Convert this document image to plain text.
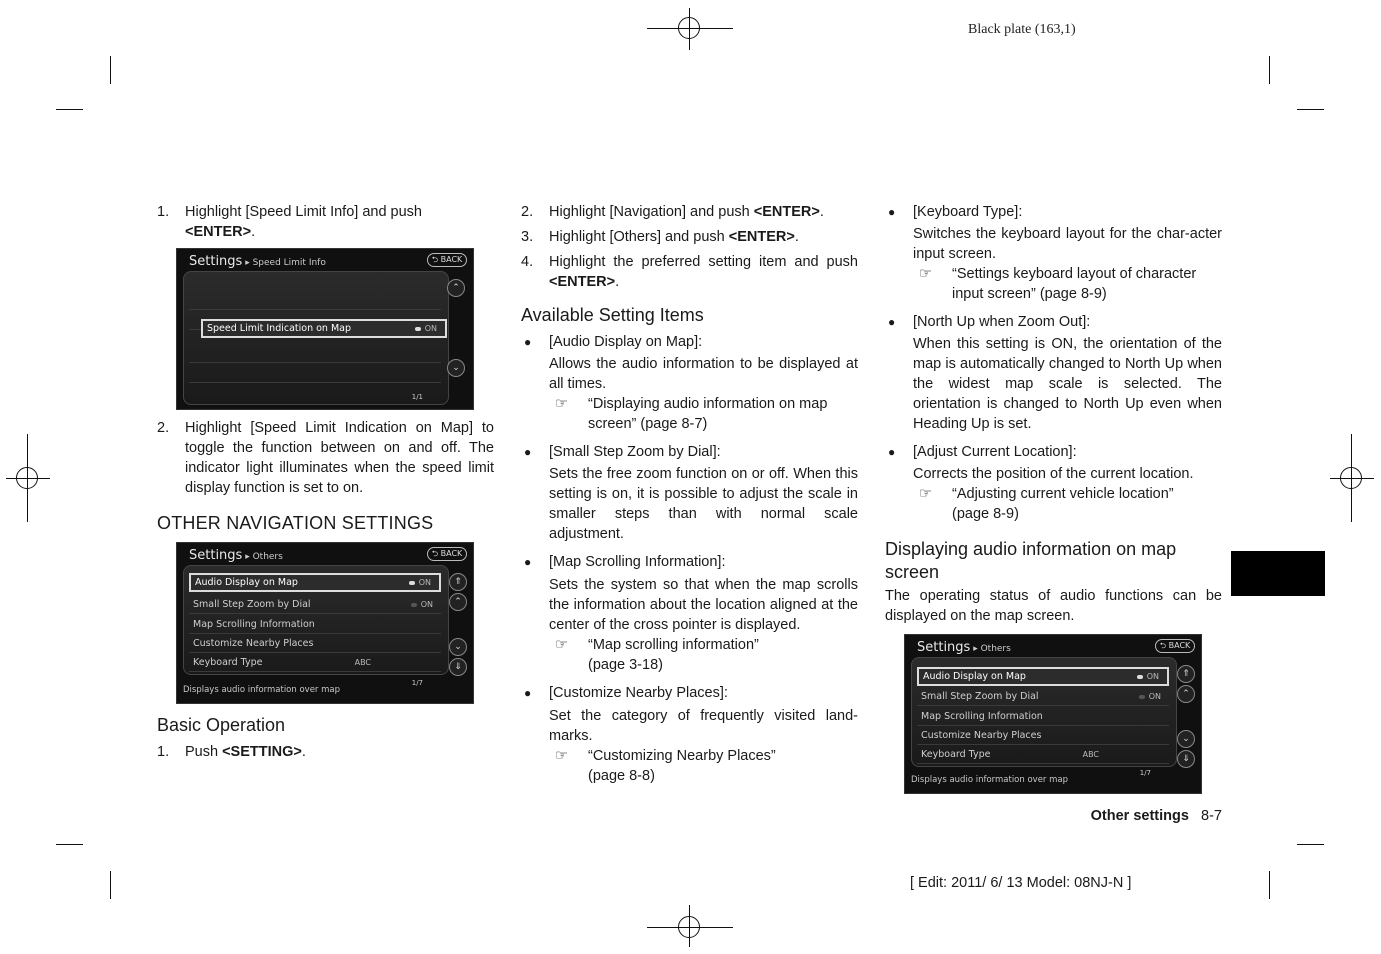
Black plate (163,1)
1.	Highlight [Speed Limit Info] and push
<ENTER>.
Settings ▸ Speed Limit Info	⮌ BACK
Speed Limit Indication on Map	ON
⌃
⌄
1/1
2.	Highlight [Speed Limit Indication on Map] to toggle the function between on and off. The indicator light illuminates when the speed limit display function is set to on.
OTHER NAVIGATION SETTINGS
Settings ▸ Others	⮌ BACK
Audio Display on Map	ON
Small Step Zoom by Dial	ON
Map Scrolling Information
Customize Nearby Places
Keyboard Type	ABC
⇑
⌃
⌄
⇓
1/7
Displays audio information over map
Basic Operation
1.	Push <SETTING>.
2.	Highlight [Navigation] and push <ENTER>.
3.	Highlight [Others] and push <ENTER>.
4.	Highlight the preferred setting item and push <ENTER>.
Available Setting Items
●	[Audio Display on Map]:
Allows the audio information to be displayed at all times.
☞	“Displaying audio information on map screen” (page 8-7)
●	[Small Step Zoom by Dial]:
Sets the free zoom function on or off. When this setting is on, it is possible to adjust the scale in smaller steps than with normal scale adjustment.
●	[Map Scrolling Information]:
Sets the system so that when the map scrolls the information about the location aligned at the center of the cross pointer is displayed.
☞	“Map scrolling information”
(page 3-18)
●	[Customize Nearby Places]:
Set the category of frequently visited land-marks.
☞	“Customizing Nearby Places”
(page 8-8)
●	[Keyboard Type]:
Switches the keyboard layout for the char-acter input screen.
☞	“Settings keyboard layout of character input screen” (page 8-9)
●	[North Up when Zoom Out]:
When this setting is ON, the orientation of the map is automatically changed to North Up when the widest map scale is selected. The orientation is changed to North Up even when Heading Up is set.
●	[Adjust Current Location]:
Corrects the position of the current location.
☞	“Adjusting current vehicle location”
(page 8-9)
Displaying audio information on map screen
The operating status of audio functions can be displayed on the map screen.
Settings ▸ Others	⮌ BACK
Audio Display on Map	ON
Small Step Zoom by Dial	ON
Map Scrolling Information
Customize Nearby Places
Keyboard Type	ABC
⇑
⌃
⌄
⇓
1/7
Displays audio information over map
Other settings 8-7
[ Edit: 2011/ 6/ 13 Model: 08NJ-N ]
